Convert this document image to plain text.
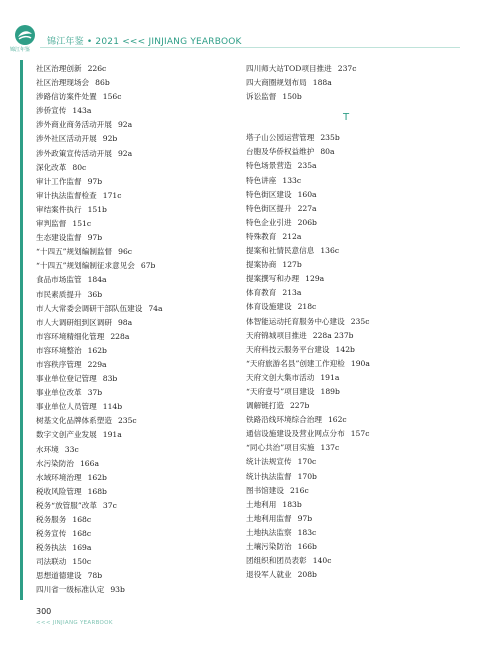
锦江年鉴
锦江年鉴 • 2021 <<< JINJIANG YEARBOOK
社区治理创新 226c
社区治理现场会 86b
涉路信访案件处置 156c
涉侨宣传 143a
涉外商业商务活动开展 92a
涉外社区活动开展 92b
涉外政策宣传活动开展 92a
深化改革 80c
审计工作监督 97b
审计执法监督检查 171c
审结案件执行 151b
审判监督 151c
生态建设监督 97b
“十四五”规划编制监督 96c
“十四五”规划编制征求意见会 67b
食品市场监管 184a
市民素质提升 36b
市人大常委会调研干部队伍建设 74a
市人大调研组到区调研 98a
市容环境精细化管理 228a
市容环境整治 162b
市容秩序管理 229a
事业单位登记管理 83b
事业单位改革 37b
事业单位人员管理 114b
树基文化品牌体系塑造 235c
数字文创产业发展 191a
水环境 33c
水污染防治 166a
水域环境治理 162b
税收风险管理 168b
税务“放管服”改革 37c
税务服务 168c
税务宣传 168c
税务执法 169a
司法联动 150c
思想道德建设 78b
四川省一级标准认定 93b
四川师大站TOD项目推进 237c
四大商圈规划布局 188a
诉讼监督 150b
T
塔子山公园运营管理 235b
台胞及华侨权益维护 80a
特色场景营造 235a
特色讲座 133c
特色街区建设 160a
特色街区提升 227a
特色企业引进 206b
特殊教育 212a
提案和社情民意信息 136c
提案协商 127b
提案撰写和办理 129a
体育教育 213a
体育设施建设 218c
体智能运动托育服务中心建设 235c
天府锦城项目推进 228a 237b
天府科技云服务平台建设 142b
“天府旅游名县”创建工作迎检 190a
天府文创大集市活动 191a
“天府壹号”项目建设 189b
调解链打造 227b
铁路沿线环境综合治理 162c
通信设施建设及营业网点分布 157c
“同心共治”项目实施 137c
统计法规宣传 170c
统计执法监督 170b
图书馆建设 216c
土地利用 183b
土地利用监督 97b
土地执法监察 183c
土壤污染防治 166b
团组织和团员表彰 140c
退役军人就业 208b
300
<<< JINJIANG YEARBOOK
